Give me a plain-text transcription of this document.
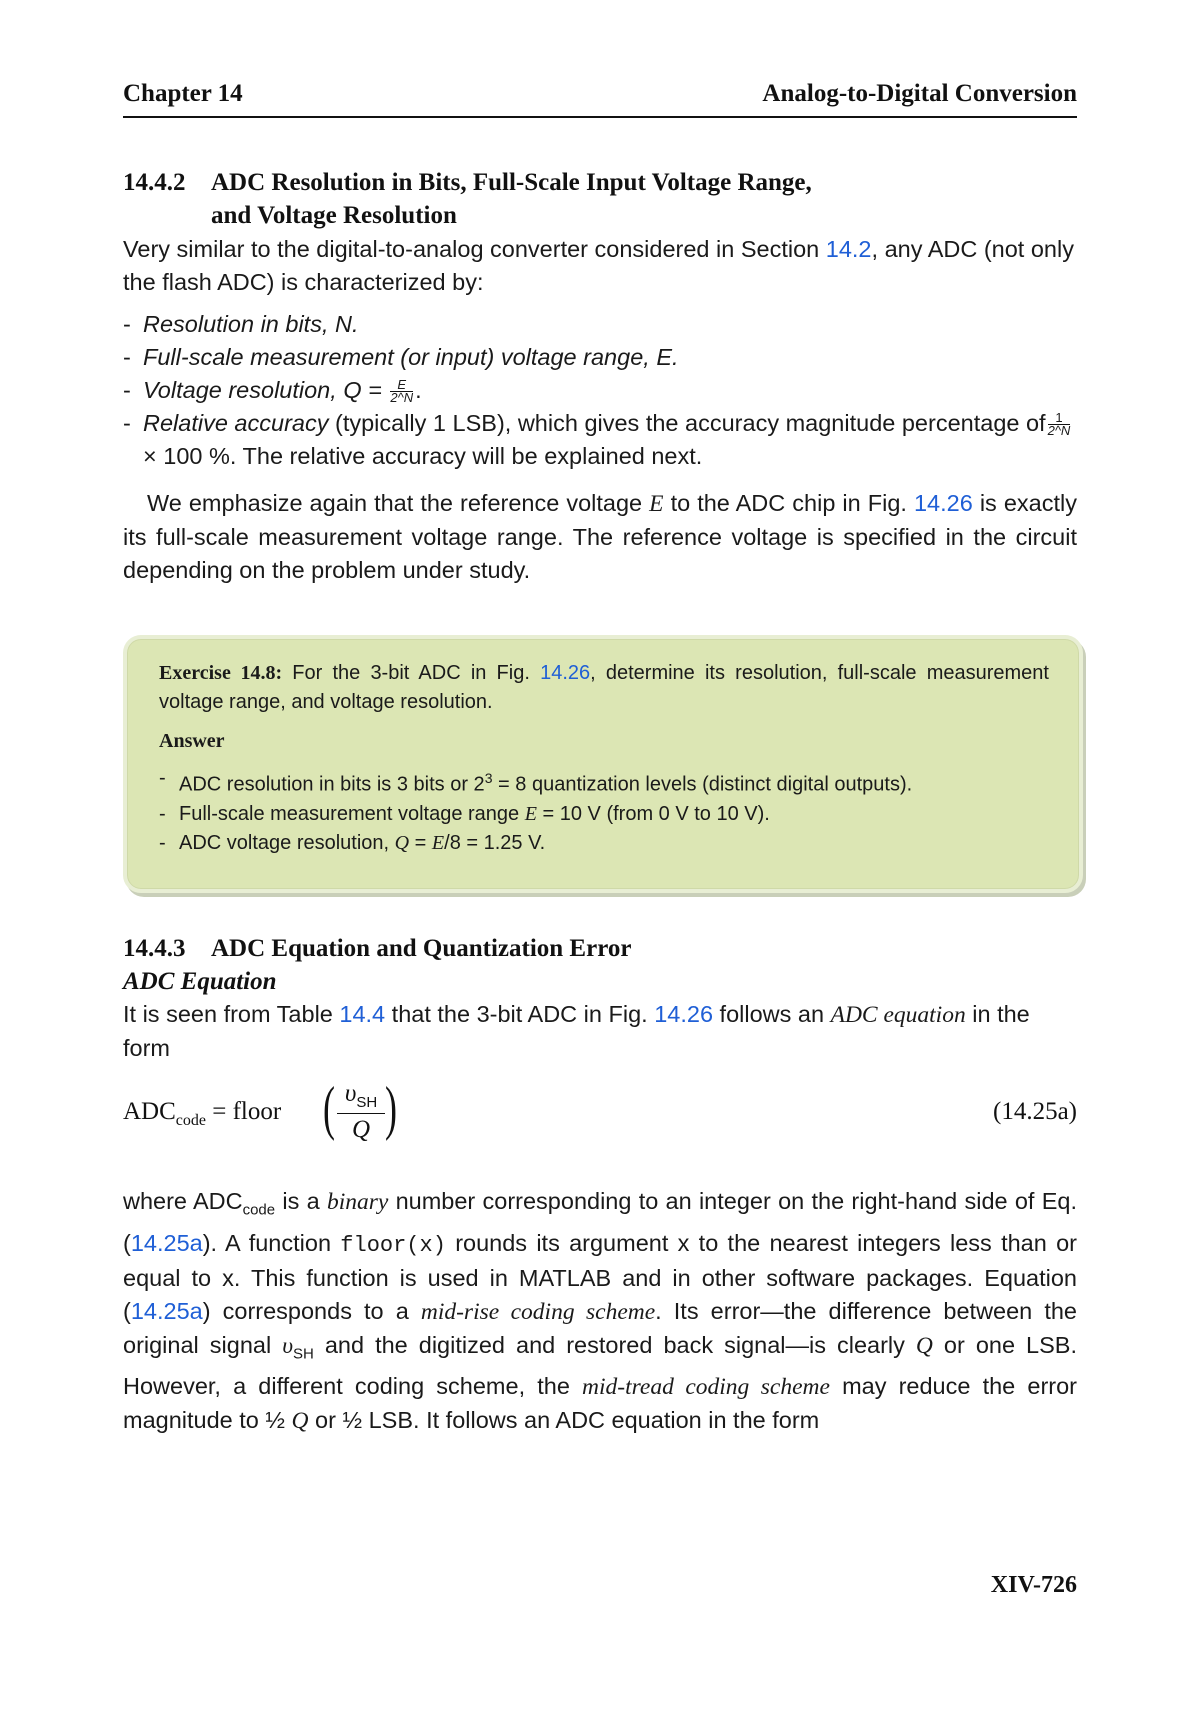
Chapter 14	Analog-to-Digital Conversion
14.4.2 ADC Resolution in Bits, Full-Scale Input Voltage Range,
and Voltage Resolution
Very similar to the digital-to-analog converter considered in Section 14.2, any ADC (not only the flash ADC) is characterized by:
- Resolution in bits, N.
- Full-scale measurement (or input) voltage range, E.
- Voltage resolution, $Q = \frac{E}{2\^{}N}$ .
- Relative accuracy (typically 1 LSB), which gives the accuracy magnitude percentage of $\frac{1}{2\^{}N}$
× 100 %. The relative accuracy will be explained next.
We emphasize again that the reference voltage E to the ADC chip in Fig. 14.26 is exactly its full-scale measurement voltage range. The reference voltage is specified in the circuit depending on the problem under study.
Exercise 14.8: For the 3-bit ADC in Fig. 14.26, determine its resolution, full-scale measurement voltage range, and voltage resolution.
Answer
- ADC resolution in bits is 3 bits or $2^3 = 8$ quantization levels (distinct digital outputs).
- Full-scale measurement voltage range E = 10 V (from 0 V to 10 V).
- ADC voltage resolution, Q = E/8 = 1.25 V.
14.4.3 ADC Equation and Quantization Error
ADC Equation
It is seen from Table 14.4 that the 3-bit ADC in Fig. 14.26 follows an ADC equation in the form
$ADC_{code}$ = floor ( $\upsilon_{SH}$
Q )	(14.25a)
where $ADC_{code}$ is a binary number corresponding to an integer on the right-hand side of Eq. (14.25a). A function floor(x) rounds its argument x to the nearest integers less than or equal to x. This function is used in MATLAB and in other software packages. Equation (14.25a) corresponds to a mid-rise coding scheme. Its error—the difference between the original signal $\upsilon_{SH}$ and the digitized and restored back signal—is clearly Q or one LSB. However, a different coding scheme, the mid-tread coding scheme may reduce the error magnitude to ½ Q or ½ LSB. It follows an ADC equation in the form
XIV-726
